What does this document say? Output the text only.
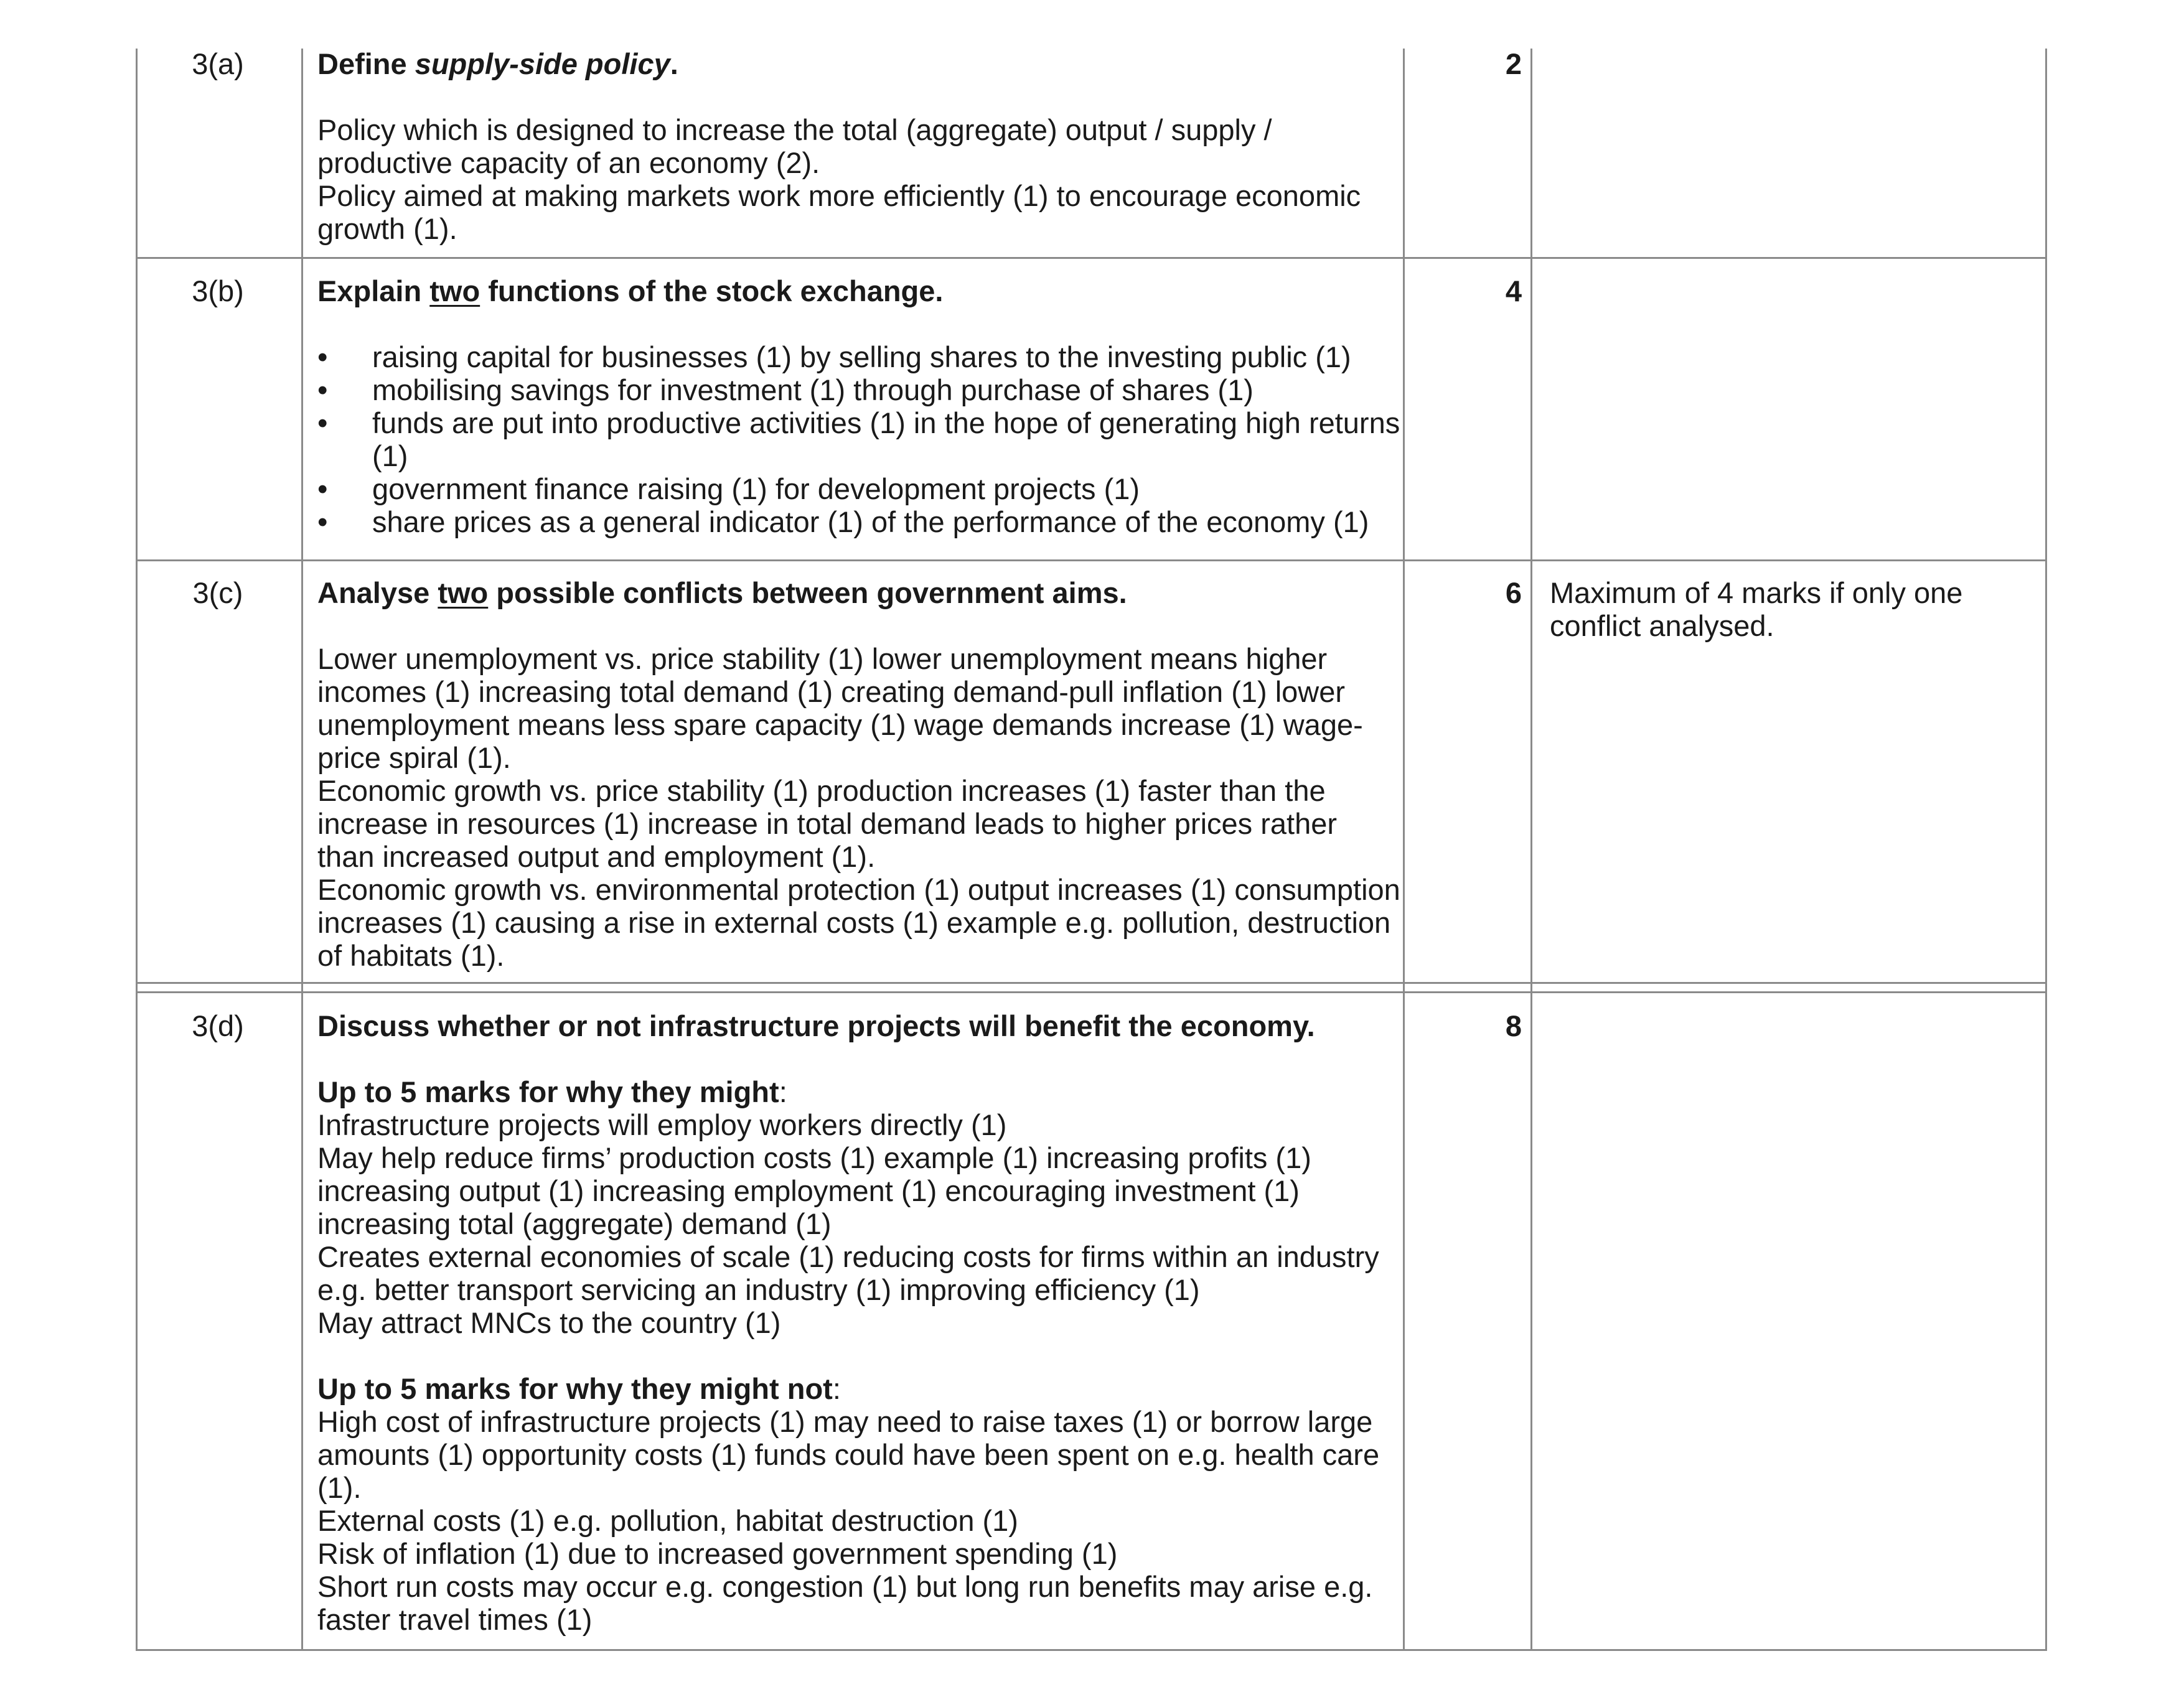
3(a)	Define supply-side policy.

Policy which is designed to increase the total (aggregate) output / supply / productive capacity of an economy (2).

Policy aimed at making markets work more efficiently (1) to encourage economic growth (1).

2
3(b)	Explain two functions of the stock exchange.

• raising capital for businesses (1) by selling shares to the investing public (1)
• mobilising savings for investment (1) through purchase of shares (1)
• funds are put into productive activities (1) in the hope of generating high returns (1)
• government finance raising (1) for development projects (1)
• share prices as a general indicator (1) of the performance of the economy (1)
4
3(c)	Analyse two possible conflicts between government aims.

Lower unemployment vs. price stability (1) lower unemployment means higher incomes (1) increasing total demand (1) creating demand-pull inflation (1) lower unemployment means less spare capacity (1) wage demands increase (1) wage-price spiral (1).

Economic growth vs. price stability (1) production increases (1) faster than the increase in resources (1) increase in total demand leads to higher prices rather than increased output and employment (1).

Economic growth vs. environmental protection (1) output increases (1) consumption increases (1) causing a rise in external costs (1) example e.g. pollution, destruction of habitats (1).

6 Maximum of 4 marks if only one conflict analysed.
3(d)	Discuss whether or not infrastructure projects will benefit the economy.

Up to 5 marks for why they might:

Infrastructure projects will employ workers directly (1)

May help reduce firms’ production costs (1) example (1) increasing profits (1) increasing output (1) increasing employment (1) encouraging investment (1) increasing total (aggregate) demand (1)

Creates external economies of scale (1) reducing costs for firms within an industry e.g. better transport servicing an industry (1) improving efficiency (1)

May attract MNCs to the country (1)

Up to 5 marks for why they might not:

High cost of infrastructure projects (1) may need to raise taxes (1) or borrow large amounts (1) opportunity costs (1) funds could have been spent on e.g. health care (1).

External costs (1) e.g. pollution, habitat destruction (1)

Risk of inflation (1) due to increased government spending (1)

Short run costs may occur e.g. congestion (1) but long run benefits may arise e.g. faster travel times (1)

8
